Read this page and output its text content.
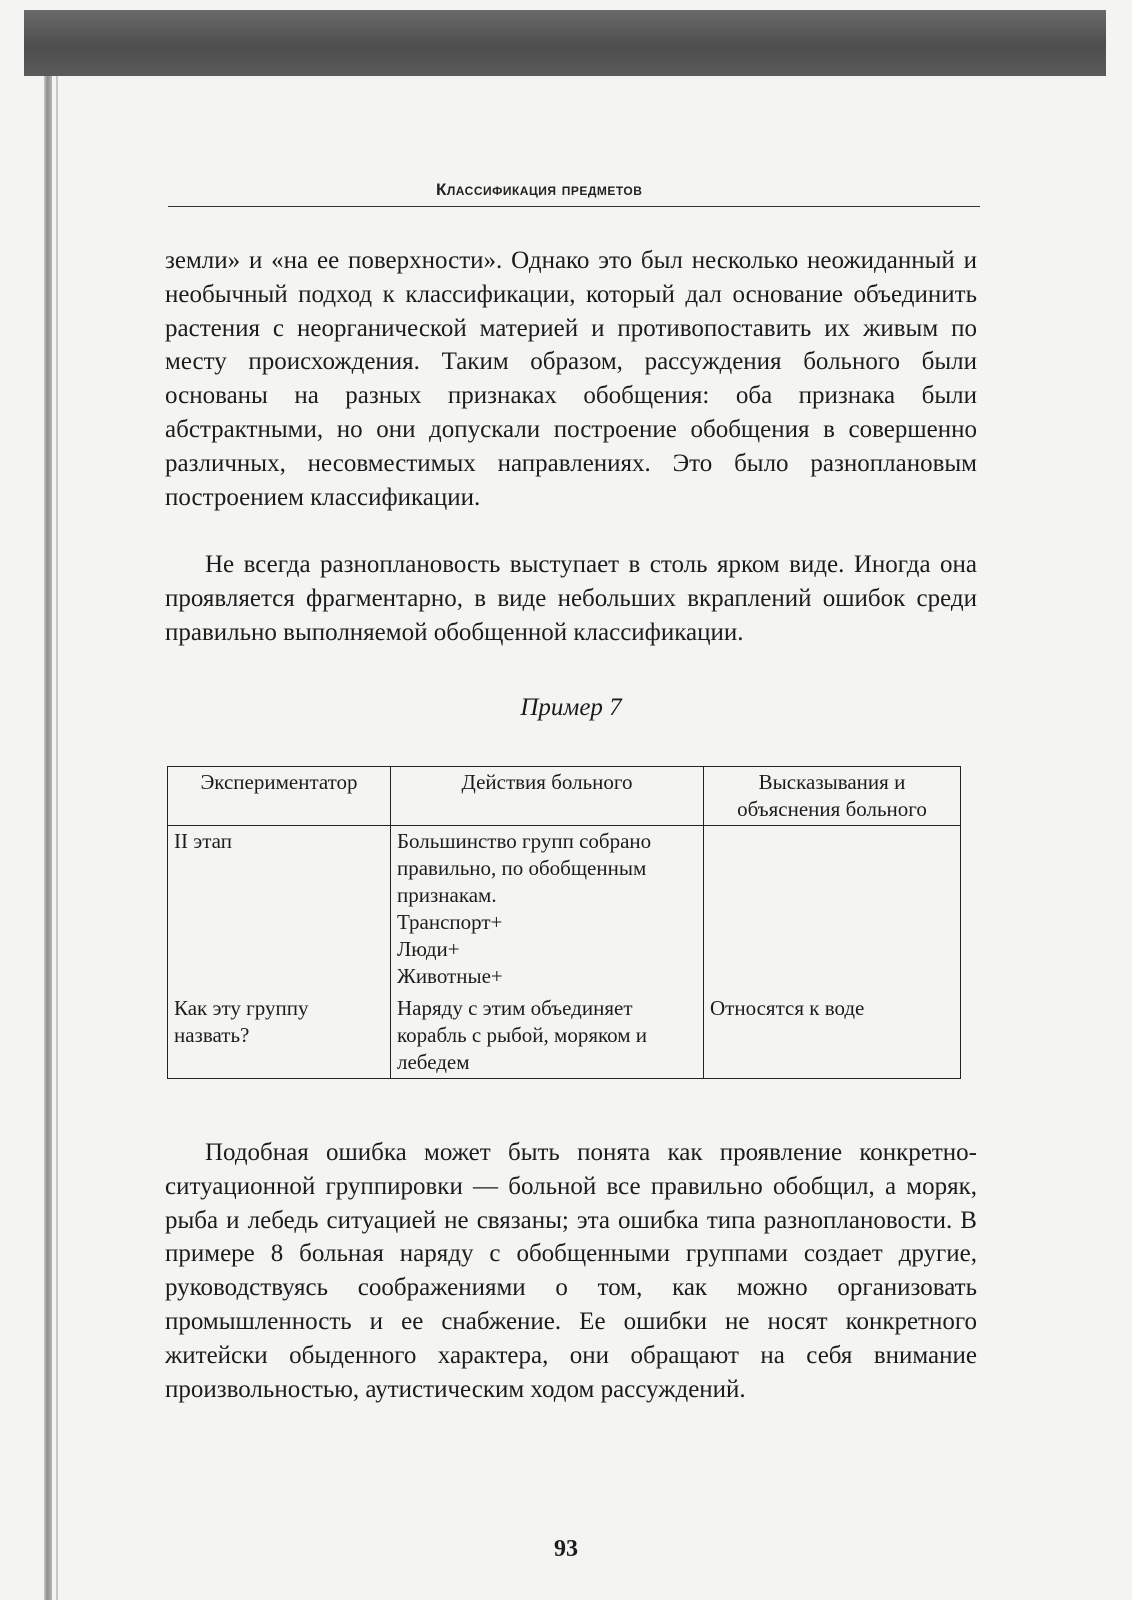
Классификация предметов

земли» и «на ее поверхности». Однако это был несколько неожиданный и необычный подход к классификации, который дал основание объединить растения с неорганической материей и противопоставить их живым по месту происхождения. Таким образом, рассуждения больного были основаны на разных признаках обобщения: оба признака были абстрактными, но они допускали построение обобщения в совершенно различных, несовместимых направлениях. Это было разноплановым построением классификации.

Не всегда разноплановость выступает в столь ярком виде. Иногда она проявляется фрагментарно, в виде небольших вкраплений ошибок среди правильно выполняемой обобщенной классификации.

Пример 7

Экспериментатор	Действия больного	Высказывания и объяснения больного
II этап	Большинство групп собрано правильно, по обобщенным признакам.
Транспорт+
Люди+
Животные+	
Как эту группу назвать?	Наряду с этим объединяет корабль с рыбой, моряком и лебедем	Относятся к воде

Подобная ошибка может быть понята как проявление конкретно-ситуационной группировки — больной все правильно обобщил, а моряк, рыба и лебедь ситуацией не связаны; эта ошибка типа разноплановости. В примере 8 больная наряду с обобщенными группами создает другие, руководствуясь соображениями о том, как можно организовать промышленность и ее снабжение. Ее ошибки не носят конкретного житейски обыденного характера, они обращают на себя внимание произвольностью, аутистическим ходом рассуждений.

93
